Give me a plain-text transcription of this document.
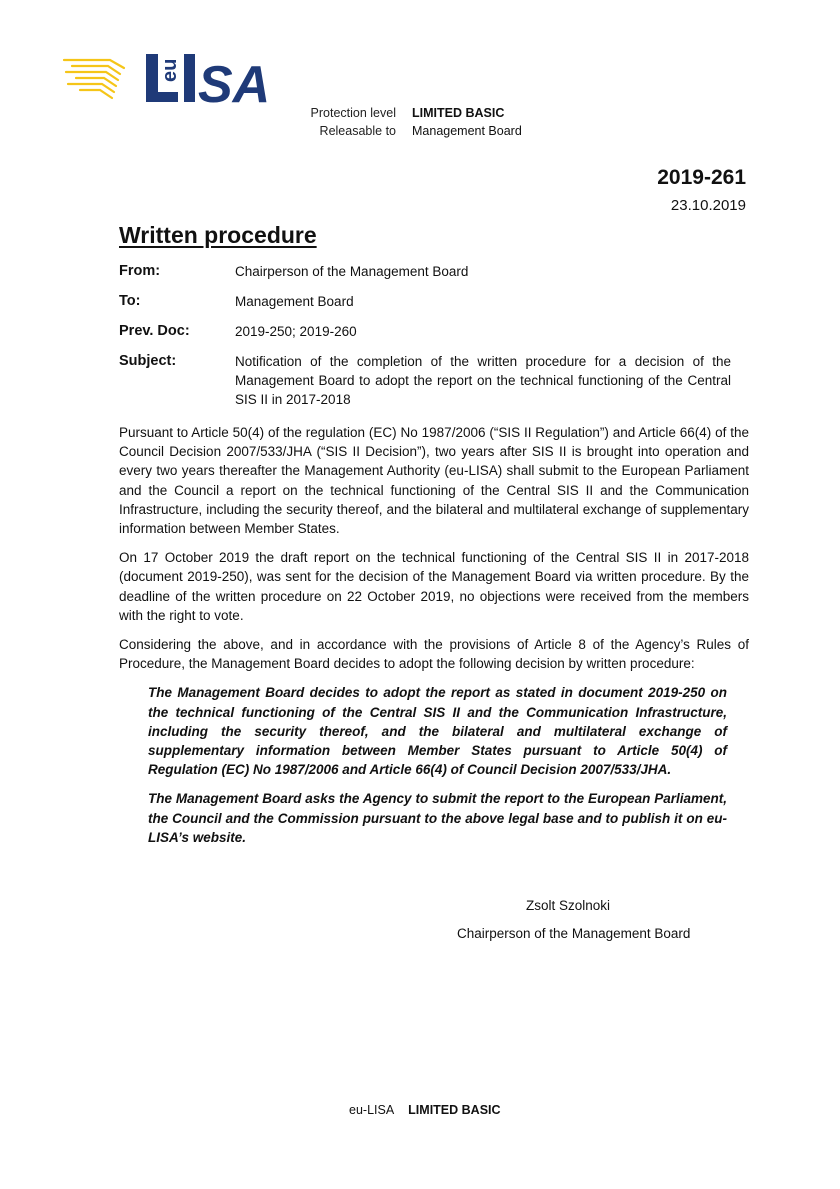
eu SA	Protection level LIMITED BASIC
Releasable to Management Board
2019-261
23.10.2019
Written procedure
From:	Chairperson of the Management Board
To:	Management Board
Prev. Doc:	2019-250; 2019-260
Subject:	Notification of the completion of the written procedure for a decision of the Management Board to adopt the report on the technical functioning of the Central SIS II in 2017-2018

Pursuant to Article 50(4) of the regulation (EC) No 1987/2006 (“SIS II Regulation”) and Article 66(4) of the Council Decision 2007/533/JHA (“SIS II Decision”), two years after SIS II is brought into operation and every two years thereafter the Management Authority (eu-LISA) shall submit to the European Parliament and the Council a report on the technical functioning of the Central SIS II and the Communication Infrastructure, including the security thereof, and the bilateral and multilateral exchange of supplementary information between Member States.

On 17 October 2019 the draft report on the technical functioning of the Central SIS II in 2017-2018 (document 2019-250), was sent for the decision of the Management Board via written procedure. By the deadline of the written procedure on 22 October 2019, no objections were received from the members with the right to vote.

Considering the above, and in accordance with the provisions of Article 8 of the Agency’s Rules of Procedure, the Management Board decides to adopt the following decision by written procedure:

The Management Board decides to adopt the report as stated in document 2019-250 on the technical functioning of the Central SIS II and the Communication Infrastructure, including the security thereof, and the bilateral and multilateral exchange of supplementary information between Member States pursuant to Article 50(4) of Regulation (EC) No 1987/2006 and Article 66(4) of Council Decision 2007/533/JHA.

The Management Board asks the Agency to submit the report to the European Parliament, the Council and the Commission pursuant to the above legal base and to publish it on eu-LISA’s website.

Zsolt Szolnoki
Chairperson of the Management Board
eu-LISA LIMITED BASIC
